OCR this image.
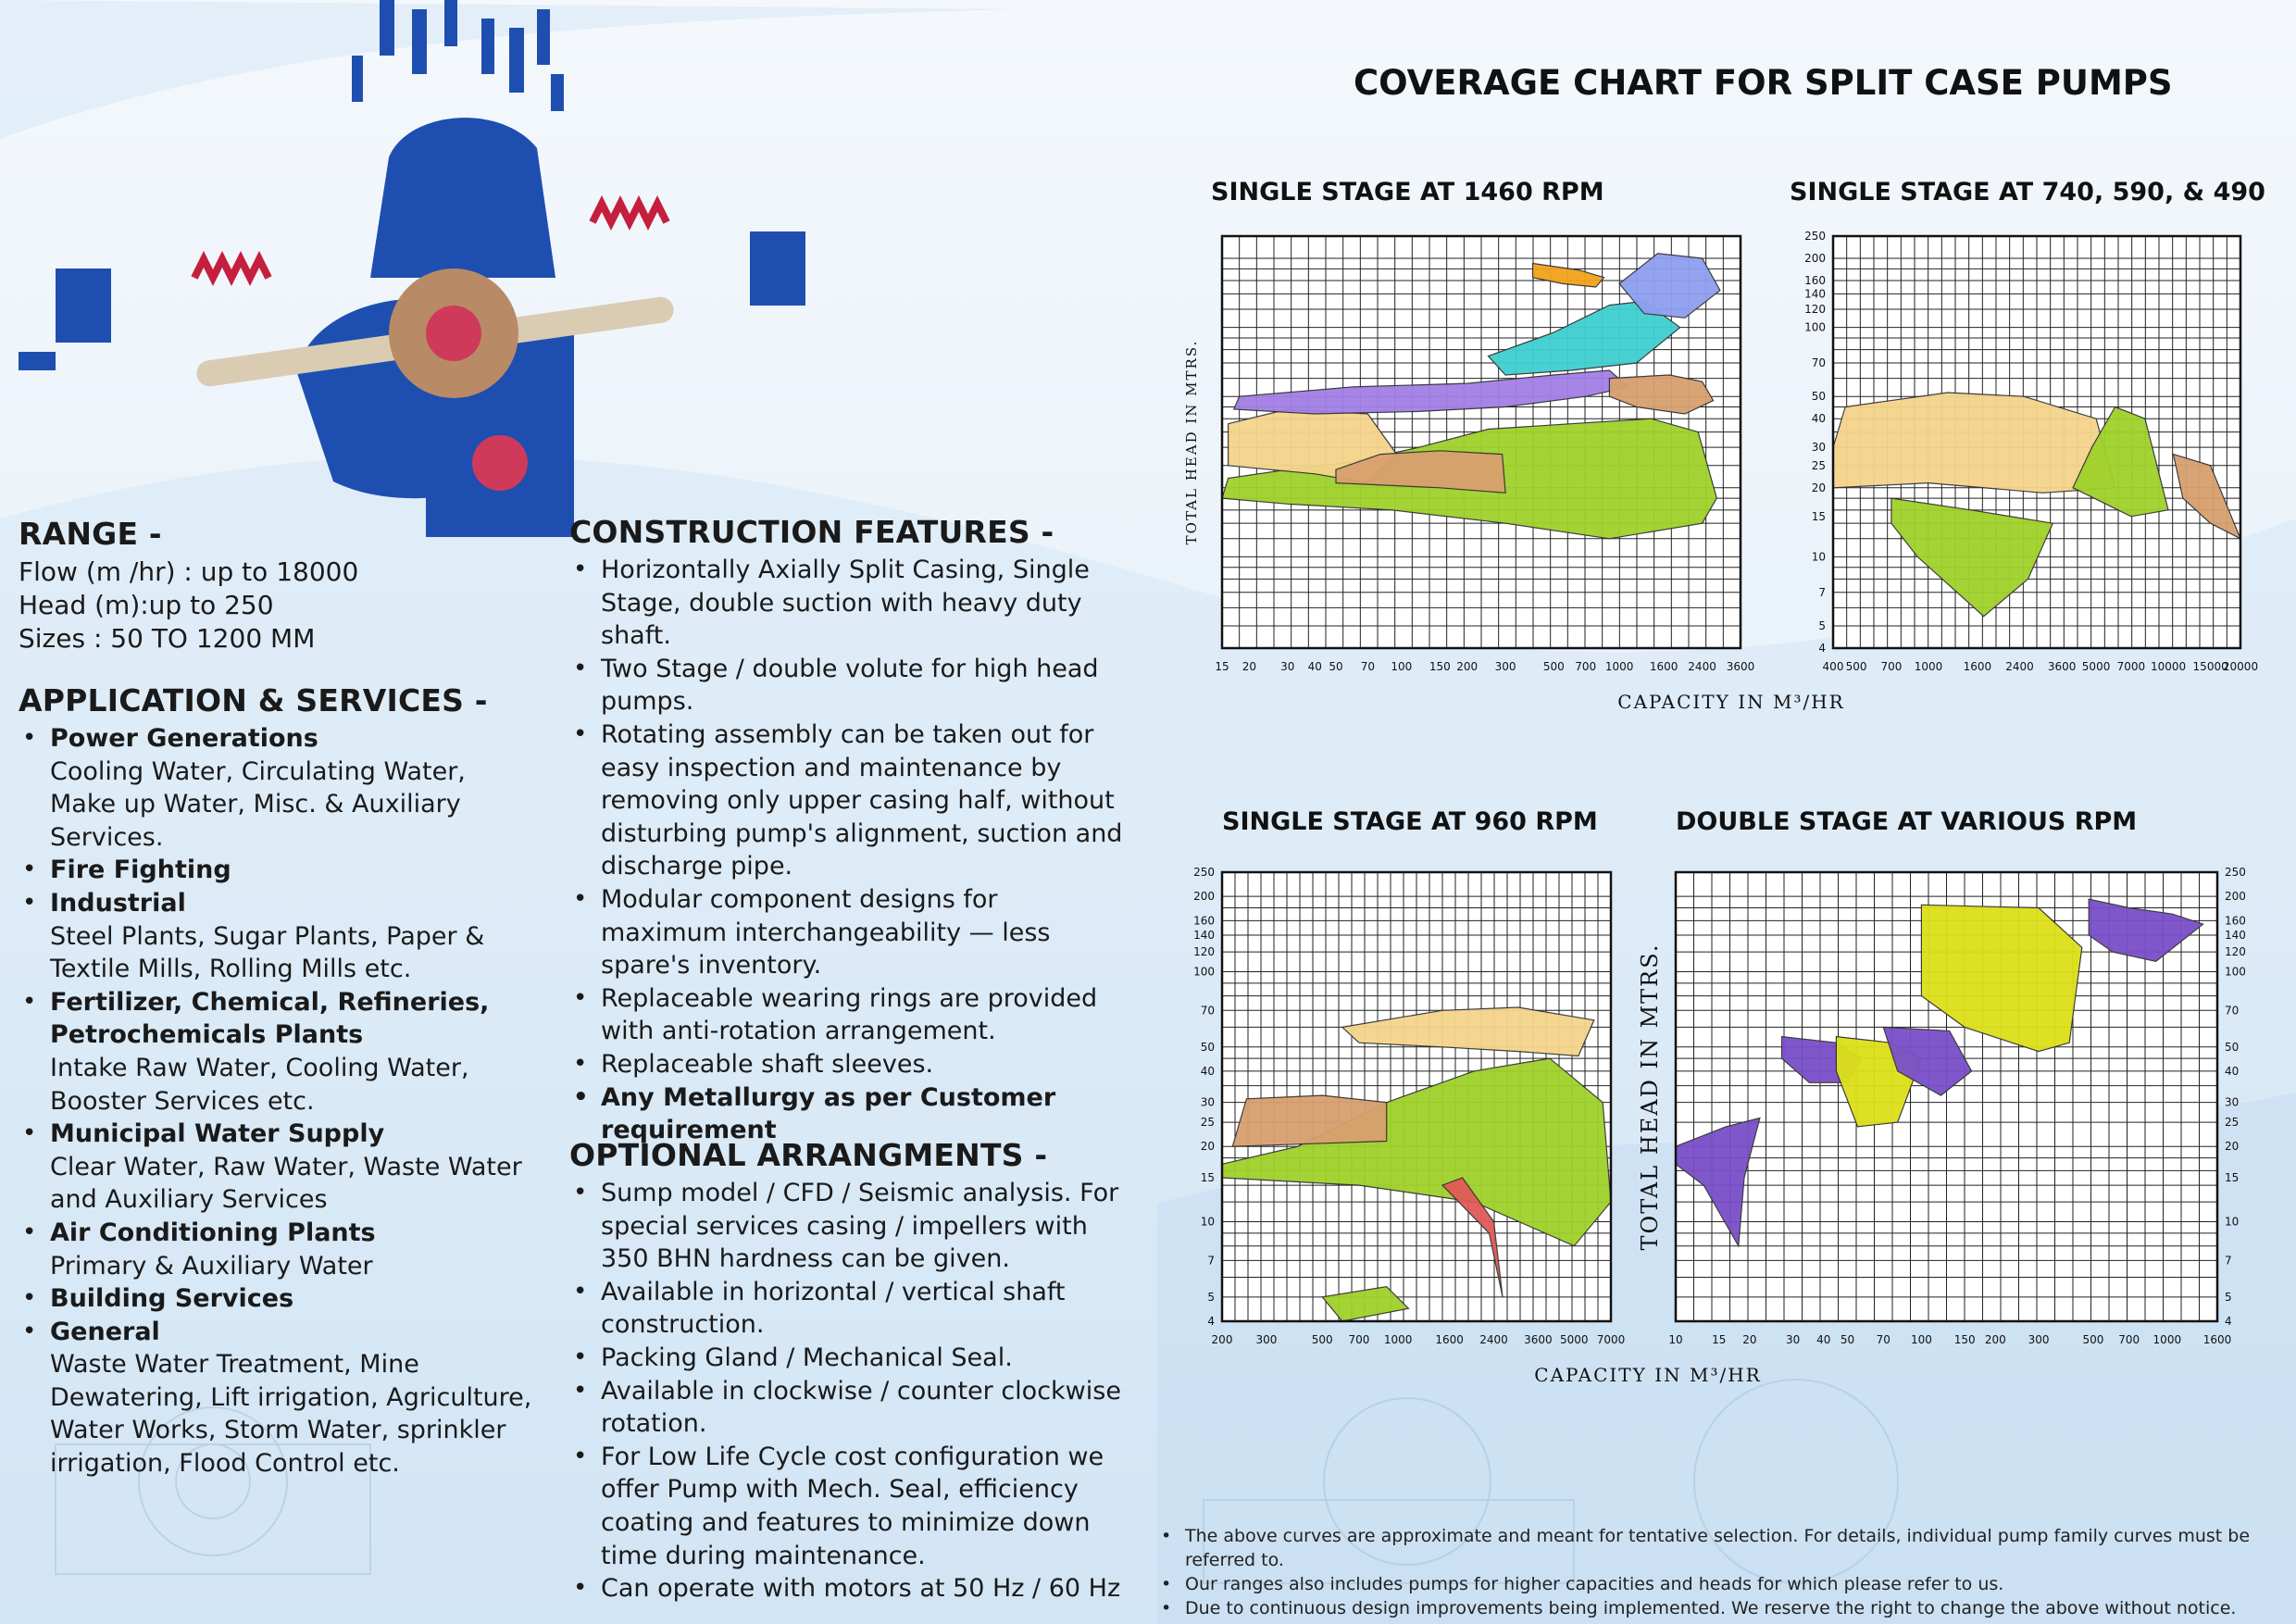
RANGE -
Flow (m /hr) : up to 18000
Head (m):up to 250
Sizes : 50 TO 1200 MM
APPLICATION & SERVICES -
• Power Generations
Cooling Water, Circulating Water, Make up Water, Misc. & Auxiliary Services.
• Fire Fighting
• Industrial
Steel Plants, Sugar Plants, Paper & Textile Mills, Rolling Mills etc.
• Fertilizer, Chemical, Refineries, Petrochemicals Plants
Intake Raw Water, Cooling Water, Booster Services etc.
• Municipal Water Supply
Clear Water, Raw Water, Waste Water and Auxiliary Services
• Air Conditioning Plants
Primary & Auxiliary Water
• Building Services
• General
Waste Water Treatment, Mine Dewatering, Lift irrigation, Agriculture, Water Works, Storm Water, sprinkler irrigation, Flood Control etc.
CONSTRUCTION FEATURES -
• Horizontally Axially Split Casing, Single Stage, double suction with heavy duty shaft.
• Two Stage / double volute for high head pumps.
• Rotating assembly can be taken out for easy inspection and maintenance by removing only upper casing half, without disturbing pump's alignment, suction and discharge pipe.
• Modular component designs for maximum interchangeability — less spare's inventory.
• Replaceable wearing rings are provided with anti-rotation arrangement.
• Replaceable shaft sleeves.
• Any Metallurgy as per Customer requirement
OPTIONAL ARRANGMENTS -
• Sump model / CFD / Seismic analysis. For special services casing / impellers with 350 BHN hardness can be given.
• Available in horizontal / vertical shaft construction.
• Packing Gland / Mechanical Seal.
• Available in clockwise / counter clockwise rotation.
• For Low Life Cycle cost configuration we offer Pump with Mech. Seal, efficiency coating and features to minimize down time during maintenance.
• Can operate with motors at 50 Hz / 60 Hz
COVERAGE CHART FOR SPLIT CASE PUMPS
SINGLE STAGE AT 1460 RPM	SINGLE STAGE AT 740, 590, & 490
SINGLE STAGE AT 960 RPM	DOUBLE STAGE AT VARIOUS RPM
15 20 30 40 50 70 100 150 200 300 500 700 1000 1600 2400 3600
TOTAL HEAD IN MTRS.
CAPACITY IN M³/HR
400 500 700 1000 1600 2400 3600 5000 7000 10000 15000
20000
4
5
7
10
15
20
25
30
40
50
70
100
120
140
160
200
250
200 300	500 700 1000 1600 2400 3600 5000 7000
4
5
7
10
15
20
25
30
40
50
70
100
120
140
160
200
250
CAPACITY IN M³/HR
10	15 20	30 40 50 70 100 150 200 300	500 700 1000 1600
4
5
7
10
15
20
25
30
40
50
70
100
120
140
160
200
250
TOTAL HEAD IN MTRS.
• The above curves are approximate and meant for tentative selection. For details, individual pump family curves must be referred to.
• Our ranges also includes pumps for higher capacities and heads for which please refer to us.
• Due to continuous design improvements being implemented. We reserve the right to change the above without notice.
